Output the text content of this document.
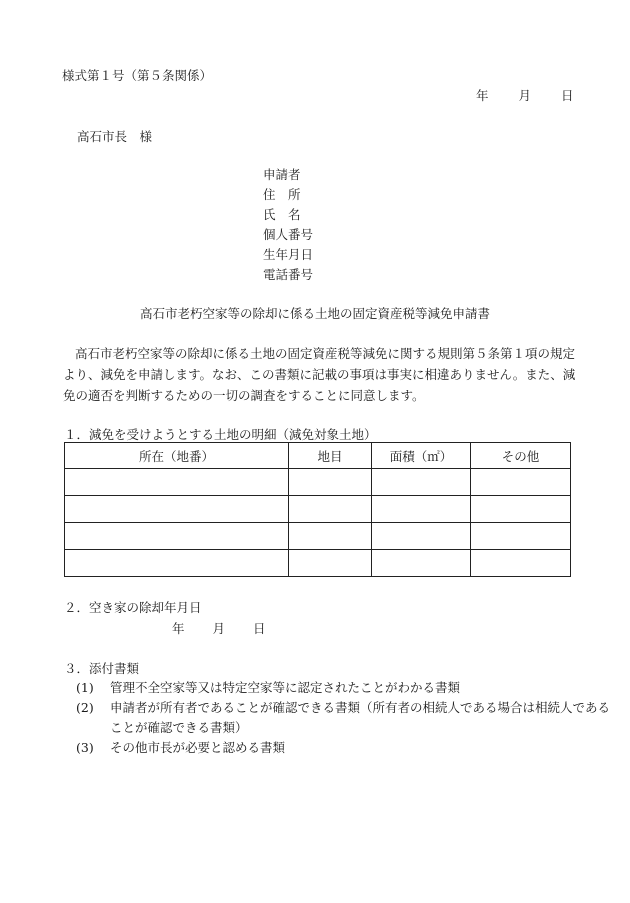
様式第１号（第５条関係）
年 月 日
高石市長　様
申請者
住　所
氏　名
個人番号
生年月日
電話番号
高石市老朽空家等の除却に係る土地の固定資産税等減免申請書
高石市老朽空家等の除却に係る土地の固定資産税等減免に関する規則第５条第１項の規定より、減免を申請します。なお、この書類に記載の事項は事実に相違ありません。また、減免の適否を判断するための一切の調査をすることに同意します。
１．減免を受けようとする土地の明細（減免対象土地）
所在（地番）	地目	面積（㎡）	その他

２．空き家の除却年月日
年 月 日
３．添付書類
(1) 管理不全空家等又は特定空家等に認定されたことがわかる書類
(2) 申請者が所有者であることが確認できる書類（所有者の相続人である場合は相続人であることが確認できる書類）
(3) その他市長が必要と認める書類
